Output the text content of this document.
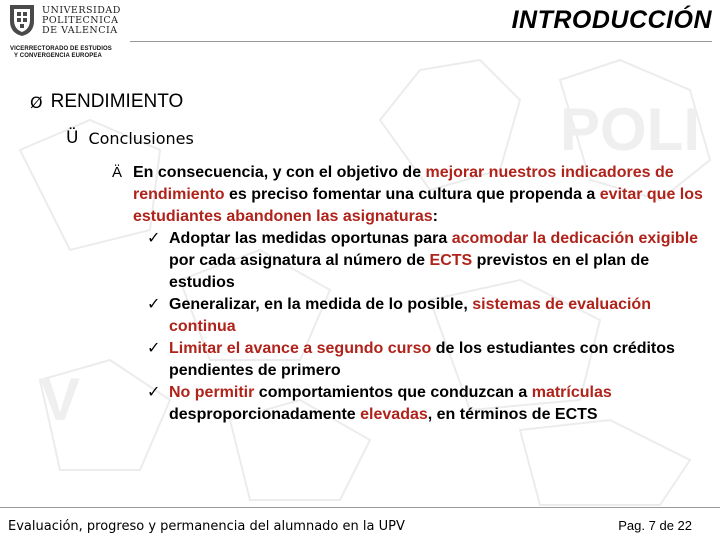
POLI
V
UNIVERSIDAD
POLITECNICA
DE VALENCIA
VICERRECTORADO DE ESTUDIOS
Y CONVERGENCIA EUROPEA
INTRODUCCIÓN
Ø RENDIMIENTO
Ü Conclusiones
Ä En consecuencia, y con el objetivo de mejorar nuestros indicadores de rendimiento es preciso fomentar una cultura que propenda a evitar que los estudiantes abandonen las asignaturas:
✓ Adoptar las medidas oportunas para acomodar la dedicación exigible por cada asignatura al número de ECTS previstos en el plan de estudios
✓ Generalizar, en la medida de lo posible, sistemas de evaluación continua
✓ Limitar el avance a segundo curso de los estudiantes con créditos pendientes de primero
✓ No permitir comportamientos que conduzcan a matrículas desproporcionadamente elevadas, en términos de ECTS
Evaluación, progreso y permanencia del alumnado en la UPV	Pag. 7 de 22
